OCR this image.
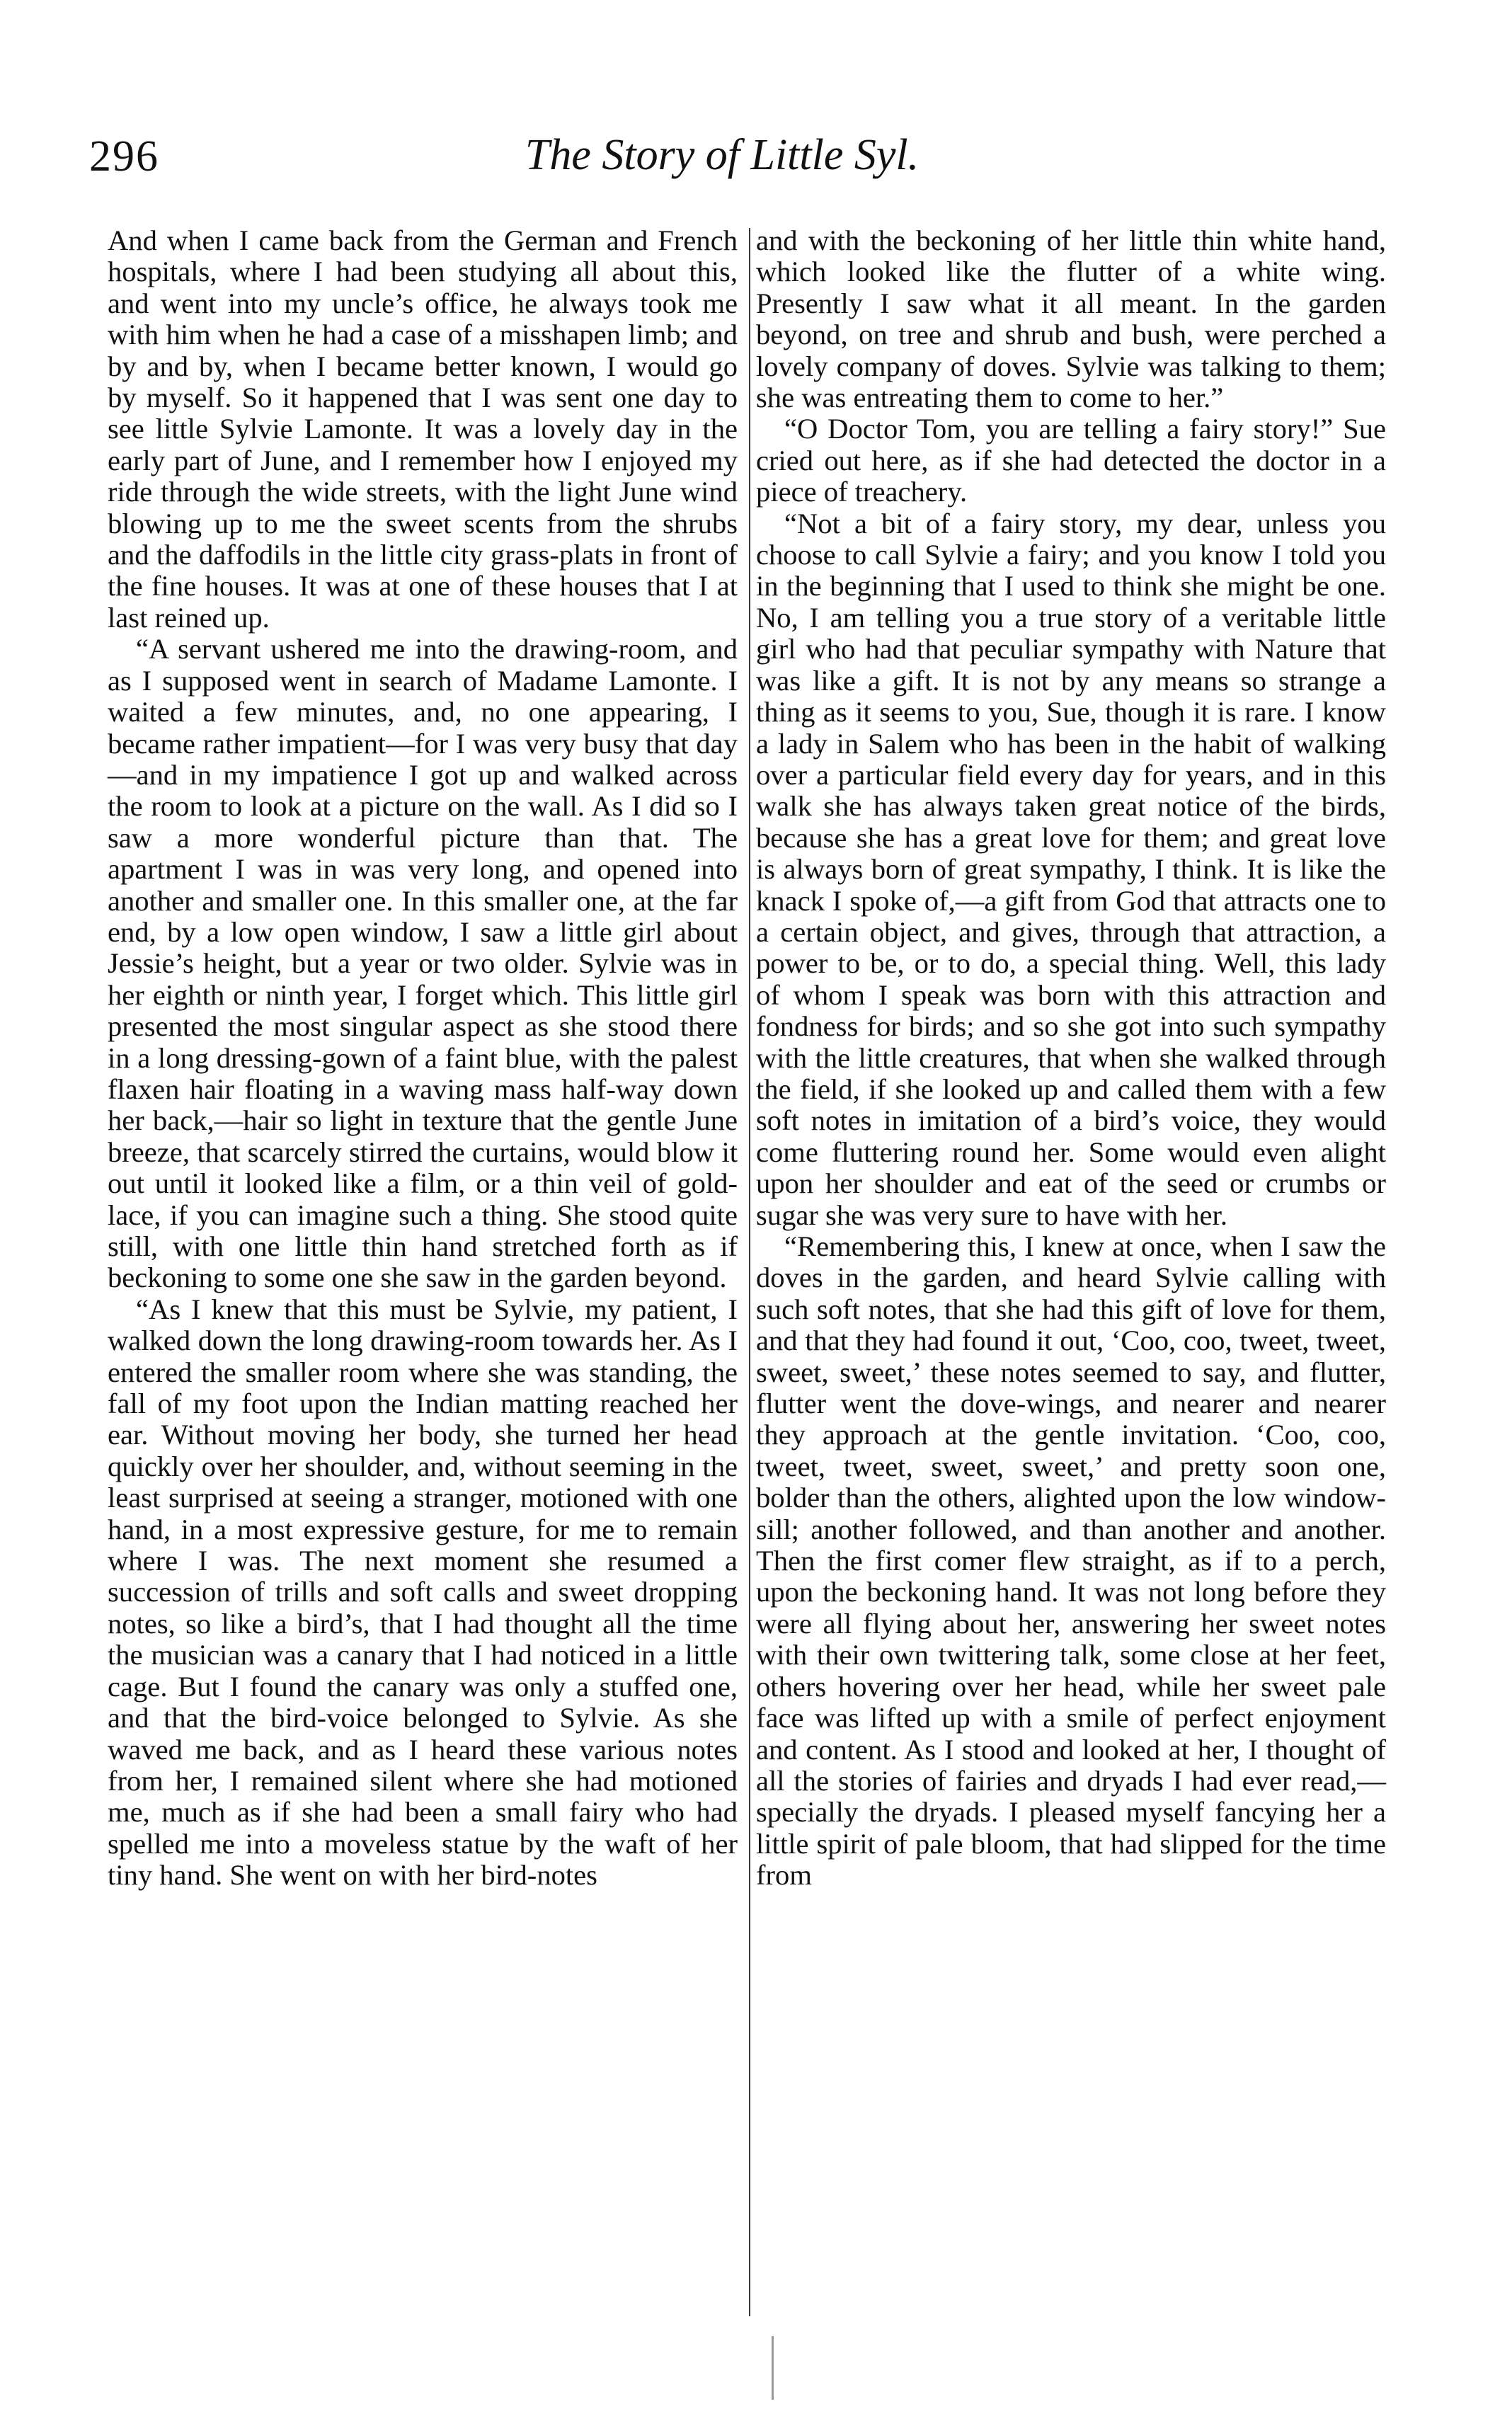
296	The Story of Little Syl.

And when I came back from the German and French hospitals, where I had been studying all about this, and went into my uncle’s office, he always took me with him when he had a case of a misshapen limb; and by and by, when I became better known, I would go by myself. So it happened that I was sent one day to see little Sylvie Lamonte. It was a lovely day in the early part of June, and I remember how I enjoyed my ride through the wide streets, with the light June wind blowing up to me the sweet scents from the shrubs and the daffodils in the little city grass-plats in front of the fine houses. It was at one of these houses that I at last reined up.

“A servant ushered me into the drawing-room, and as I supposed went in search of Madame Lamonte. I waited a few minutes, and, no one appearing, I became rather impatient—for I was very busy that day—and in my impatience I got up and walked across the room to look at a picture on the wall. As I did so I saw a more wonderful picture than that. The apartment I was in was very long, and opened into another and smaller one. In this smaller one, at the far end, by a low open window, I saw a little girl about Jessie’s height, but a year or two older. Sylvie was in her eighth or ninth year, I forget which. This little girl presented the most singular aspect as she stood there in a long dressing-gown of a faint blue, with the palest flaxen hair floating in a waving mass half-way down her back,—hair so light in texture that the gentle June breeze, that scarcely stirred the curtains, would blow it out until it looked like a film, or a thin veil of gold-lace, if you can imagine such a thing. She stood quite still, with one little thin hand stretched forth as if beckoning to some one she saw in the garden beyond.

“As I knew that this must be Sylvie, my patient, I walked down the long drawing-room towards her. As I entered the smaller room where she was standing, the fall of my foot upon the Indian matting reached her ear. Without moving her body, she turned her head quickly over her shoulder, and, without seeming in the least surprised at seeing a stranger, motioned with one hand, in a most expressive gesture, for me to remain where I was. The next moment she resumed a succession of trills and soft calls and sweet dropping notes, so like a bird’s, that I had thought all the time the musician was a canary that I had noticed in a little cage. But I found the canary was only a stuffed one, and that the bird-voice belonged to Sylvie. As she waved me back, and as I heard these various notes from her, I remained silent where she had motioned me, much as if she had been a small fairy who had spelled me into a moveless statue by the waft of her tiny hand. She went on with her bird-notes

and with the beckoning of her little thin white hand, which looked like the flutter of a white wing. Presently I saw what it all meant. In the garden beyond, on tree and shrub and bush, were perched a lovely company of doves. Sylvie was talking to them; she was entreating them to come to her.”

“O Doctor Tom, you are telling a fairy story!” Sue cried out here, as if she had detected the doctor in a piece of treachery.

“Not a bit of a fairy story, my dear, unless you choose to call Sylvie a fairy; and you know I told you in the beginning that I used to think she might be one. No, I am telling you a true story of a veritable little girl who had that peculiar sympathy with Nature that was like a gift. It is not by any means so strange a thing as it seems to you, Sue, though it is rare. I know a lady in Salem who has been in the habit of walking over a particular field every day for years, and in this walk she has always taken great notice of the birds, because she has a great love for them; and great love is always born of great sympathy, I think. It is like the knack I spoke of,—a gift from God that attracts one to a certain object, and gives, through that attraction, a power to be, or to do, a special thing. Well, this lady of whom I speak was born with this attraction and fondness for birds; and so she got into such sympathy with the little creatures, that when she walked through the field, if she looked up and called them with a few soft notes in imitation of a bird’s voice, they would come fluttering round her. Some would even alight upon her shoulder and eat of the seed or crumbs or sugar she was very sure to have with her.

“Remembering this, I knew at once, when I saw the doves in the garden, and heard Sylvie calling with such soft notes, that she had this gift of love for them, and that they had found it out, ‘Coo, coo, tweet, tweet, sweet, sweet,’ these notes seemed to say, and flutter, flutter went the dove-wings, and nearer and nearer they approach at the gentle invitation. ‘Coo, coo, tweet, tweet, sweet, sweet,’ and pretty soon one, bolder than the others, alighted upon the low window-sill; another followed, and than another and another. Then the first comer flew straight, as if to a perch, upon the beckoning hand. It was not long before they were all flying about her, answering her sweet notes with their own twittering talk, some close at her feet, others hovering over her head, while her sweet pale face was lifted up with a smile of perfect enjoyment and content. As I stood and looked at her, I thought of all the stories of fairies and dryads I had ever read,—specially the dryads. I pleased myself fancying her a little spirit of pale bloom, that had slipped for the time from
